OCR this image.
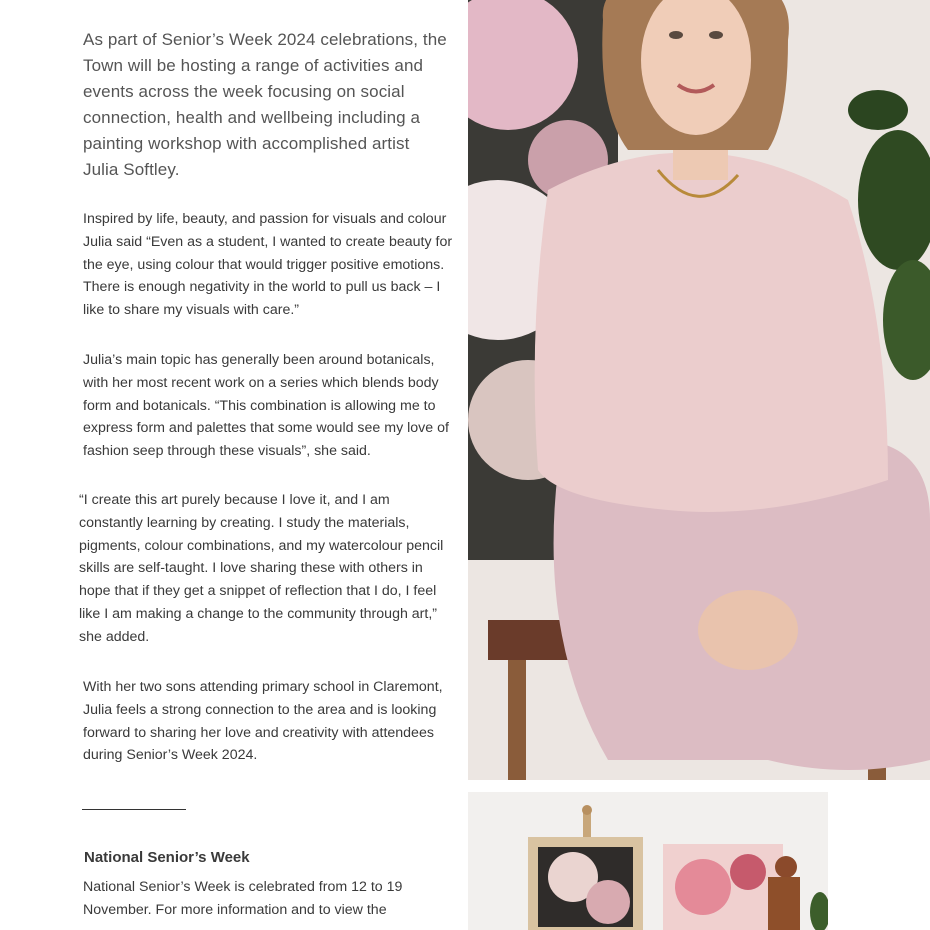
As part of Senior’s Week 2024 celebrations, the Town will be hosting a range of activities and events across the week focusing on social connection, health and wellbeing including a painting workshop with accomplished artist Julia Softley.
Inspired by life, beauty, and passion for visuals and colour Julia said “Even as a student, I wanted to create beauty for the eye, using colour that would trigger positive emotions. There is enough negativity in the world to pull us back – I like to share my visuals with care.”
Julia’s main topic has generally been around botanicals, with her most recent work on a series which blends body form and botanicals. “This combination is allowing me to express form and palettes that some would see my love of fashion seep through these visuals”, she said.
“I create this art purely because I love it, and I am constantly learning by creating. I study the materials, pigments, colour combinations, and my watercolour pencil skills are self-taught. I love sharing these with others in hope that if they get a snippet of reflection that I do, I feel like I am making a change to the community through art,” she added.
With her two sons attending primary school in Claremont, Julia feels a strong connection to the area and is looking forward to sharing her love and creativity with attendees during Senior’s Week 2024.
National Senior’s Week
National Senior’s Week is celebrated from 12 to 19 November. For more information and to view the
